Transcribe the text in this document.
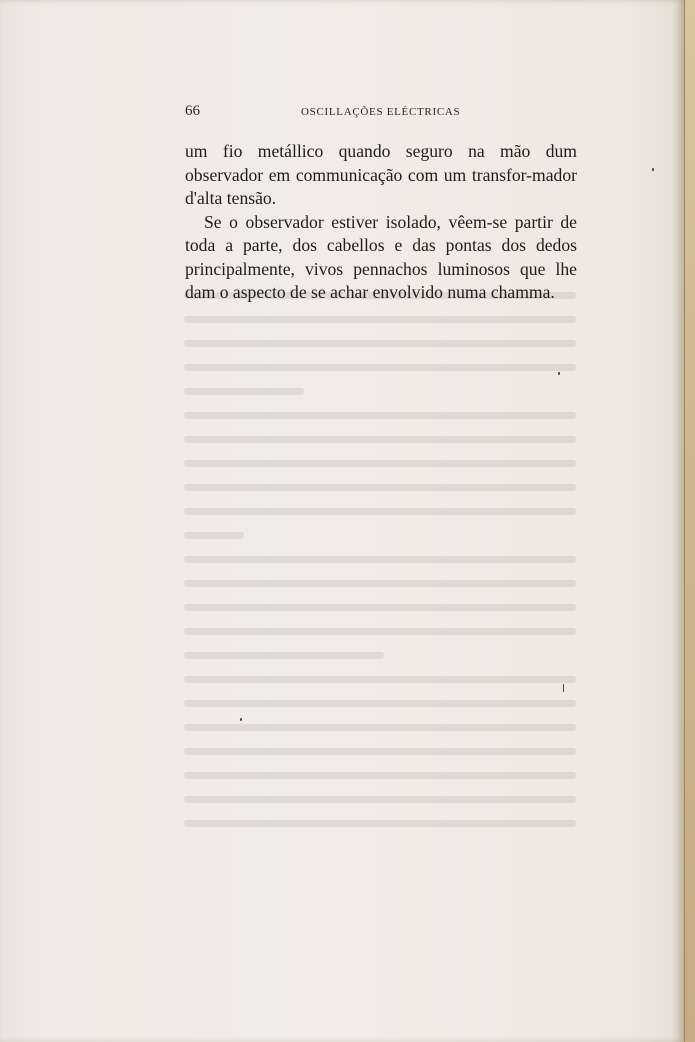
66	OSCILLAÇÕES ELÉCTRICAS

um fio metállico quando seguro na mão dum observador em communicação com um transfor-mador d'alta tensão.

Se o observador estiver isolado, vêem-se partir de toda a parte, dos cabellos e das pontas dos dedos principalmente, vivos pennachos luminosos que lhe dam o aspecto de se achar envolvido numa chamma.
